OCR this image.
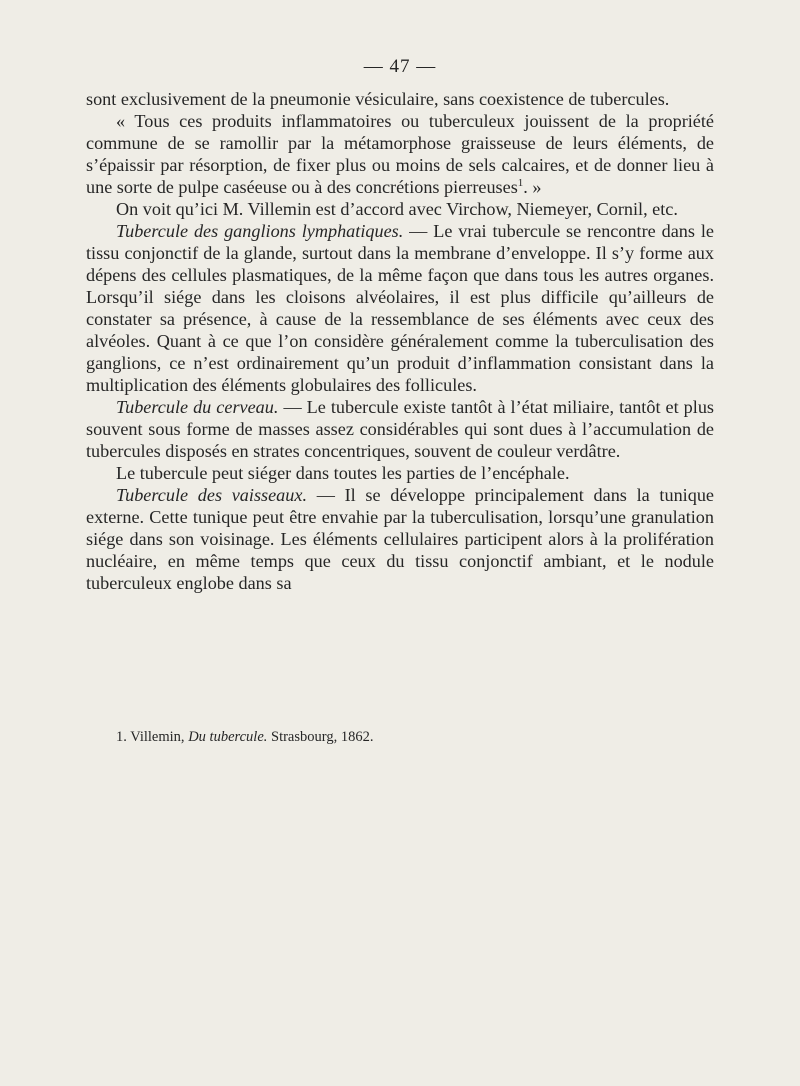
— 47 —

sont exclusivement de la pneumonie vésiculaire, sans coexistence de tubercules.

« Tous ces produits inflammatoires ou tuberculeux jouissent de la propriété commune de se ramollir par la métamorphose graisseuse de leurs éléments, de s’épaissir par résorption, de fixer plus ou moins de sels calcaires, et de donner lieu à une sorte de pulpe caséeuse ou à des concrétions pierreuses$^1$. »

On voit qu’ici M. Villemin est d’accord avec Virchow, Niemeyer, Cornil, etc.

Tubercule des ganglions lymphatiques. — Le vrai tubercule se rencontre dans le tissu conjonctif de la glande, surtout dans la membrane d’enveloppe. Il s’y forme aux dépens des cellules plasmatiques, de la même façon que dans tous les autres organes. Lorsqu’il siége dans les cloisons alvéolaires, il est plus difficile qu’ailleurs de constater sa présence, à cause de la ressemblance de ses éléments avec ceux des alvéoles. Quant à ce que l’on considère généralement comme la tuberculisation des ganglions, ce n’est ordinairement qu’un produit d’inflammation consistant dans la multiplication des éléments globulaires des follicules.

Tubercule du cerveau. — Le tubercule existe tantôt à l’état miliaire, tantôt et plus souvent sous forme de masses assez considérables qui sont dues à l’accumulation de tubercules disposés en strates concentriques, souvent de couleur verdâtre.

Le tubercule peut siéger dans toutes les parties de l’encéphale.

Tubercule des vaisseaux. — Il se développe principalement dans la tunique externe. Cette tunique peut être envahie par la tuberculisation, lorsqu’une granulation siége dans son voisinage. Les éléments cellulaires participent alors à la prolifération nucléaire, en même temps que ceux du tissu conjonctif ambiant, et le nodule tuberculeux englobe dans sa

1. Villemin, Du tubercule. Strasbourg, 1862.
